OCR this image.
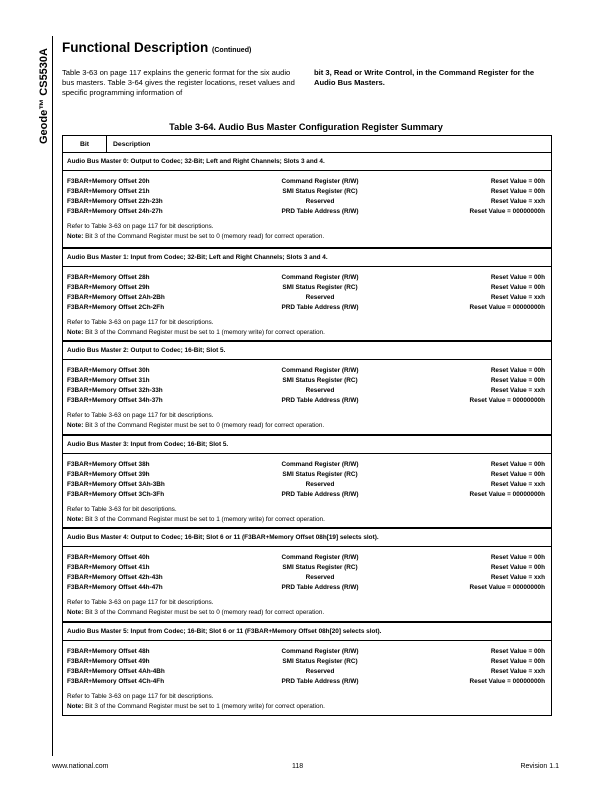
Geode™ CS5530A
Functional Description (Continued)
Table 3-63 on page 117 explains the generic format for the six audio bus masters. Table 3-64 gives the register locations, reset values and specific programming information of
bit 3, Read or Write Control, in the Command Register for the Audio Bus Masters.
Table 3-64. Audio Bus Master Configuration Register Summary
Bit	Description
Audio Bus Master 0: Output to Codec; 32-Bit; Left and Right Channels; Slots 3 and 4.
F3BAR+Memory Offset 20h	Command Register (R/W)	Reset Value = 00h
F3BAR+Memory Offset 21h	SMI Status Register (RC)	Reset Value = 00h
F3BAR+Memory Offset 22h-23h	Reserved	Reset Value = xxh
F3BAR+Memory Offset 24h-27h	PRD Table Address (R/W)	Reset Value = 00000000h
Refer to Table 3-63 on page 117 for bit descriptions.
Note: Bit 3 of the Command Register must be set to 0 (memory read) for correct operation.
Audio Bus Master 1: Input from Codec; 32-Bit; Left and Right Channels; Slots 3 and 4.
F3BAR+Memory Offset 28h	Command Register (R/W)	Reset Value = 00h
F3BAR+Memory Offset 29h	SMI Status Register (RC)	Reset Value = 00h
F3BAR+Memory Offset 2Ah-2Bh	Reserved	Reset Value = xxh
F3BAR+Memory Offset 2Ch-2Fh	PRD Table Address (R/W)	Reset Value = 00000000h
Refer to Table 3-63 on page 117 for bit descriptions.
Note: Bit 3 of the Command Register must be set to 1 (memory write) for correct operation.
Audio Bus Master 2: Output to Codec; 16-Bit; Slot 5.
F3BAR+Memory Offset 30h	Command Register (R/W)	Reset Value = 00h
F3BAR+Memory Offset 31h	SMI Status Register (RC)	Reset Value = 00h
F3BAR+Memory Offset 32h-33h	Reserved	Reset Value = xxh
F3BAR+Memory Offset 34h-37h	PRD Table Address (R/W)	Reset Value = 00000000h
Refer to Table 3-63 on page 117 for bit descriptions.
Note: Bit 3 of the Command Register must be set to 0 (memory read) for correct operation.
Audio Bus Master 3: Input from Codec; 16-Bit; Slot 5.
F3BAR+Memory Offset 38h	Command Register (R/W)	Reset Value = 00h
F3BAR+Memory Offset 39h	SMI Status Register (RC)	Reset Value = 00h
F3BAR+Memory Offset 3Ah-3Bh	Reserved	Reset Value = xxh
F3BAR+Memory Offset 3Ch-3Fh	PRD Table Address (R/W)	Reset Value = 00000000h
Refer to Table 3-63 for bit descriptions.
Note: Bit 3 of the Command Register must be set to 1 (memory write) for correct operation.
Audio Bus Master 4: Output to Codec; 16-Bit; Slot 6 or 11 (F3BAR+Memory Offset 08h[19] selects slot).
F3BAR+Memory Offset 40h	Command Register (R/W)	Reset Value = 00h
F3BAR+Memory Offset 41h	SMI Status Register (RC)	Reset Value = 00h
F3BAR+Memory Offset 42h-43h	Reserved	Reset Value = xxh
F3BAR+Memory Offset 44h-47h	PRD Table Address (R/W)	Reset Value = 00000000h
Refer to Table 3-63 on page 117 for bit descriptions.
Note: Bit 3 of the Command Register must be set to 0 (memory read) for correct operation.
Audio Bus Master 5: Input from Codec; 16-Bit; Slot 6 or 11 (F3BAR+Memory Offset 08h[20] selects slot).
F3BAR+Memory Offset 48h	Command Register (R/W)	Reset Value = 00h
F3BAR+Memory Offset 49h	SMI Status Register (RC)	Reset Value = 00h
F3BAR+Memory Offset 4Ah-4Bh	Reserved	Reset Value = xxh
F3BAR+Memory Offset 4Ch-4Fh	PRD Table Address (R/W)	Reset Value = 00000000h
Refer to Table 3-63 on page 117 for bit descriptions.
Note: Bit 3 of the Command Register must be set to 1 (memory write) for correct operation.
www.national.com	118	Revision 1.1
